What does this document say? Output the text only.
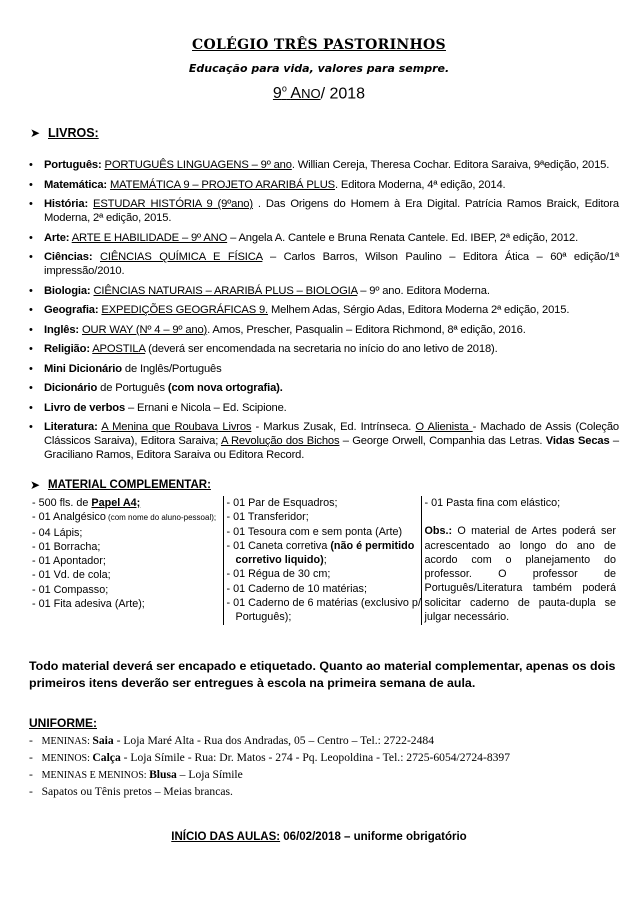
COLÉGIO TRÊS PASTORINHOS
Educação para vida, valores para sempre.
9$^o$ ANO/ 2018
➤ LIVROS:
• Português: PORTUGUÊS LINGUAGENS – 9º ano. Willian Cereja, Theresa Cochar. Editora Saraiva, 9ªedição, 2015.
• Matemática: MATEMÁTICA 9 – PROJETO ARARIBÁ PLUS. Editora Moderna, 4ª edição, 2014.
• História: ESTUDAR HISTÓRIA 9 (9ºano) . Das Origens do Homem à Era Digital. Patrícia Ramos Braick, Editora Moderna, 2ª edição, 2015.
• Arte: ARTE E HABILIDADE – 9º ANO – Angela A. Cantele e Bruna Renata Cantele. Ed. IBEP, 2ª edição, 2012.
• Ciências: CIÊNCIAS QUÍMICA E FÍSICA – Carlos Barros, Wilson Paulino – Editora Ática – 60ª edição/1ª impressão/2010.
• Biologia: CIÊNCIAS NATURAIS – ARARIBÁ PLUS – BIOLOGIA – 9º ano. Editora Moderna.
• Geografia: EXPEDIÇÕES GEOGRÁFICAS 9. Melhem Adas, Sérgio Adas, Editora Moderna 2ª edição, 2015.
• Inglês: OUR WAY (Nº 4 – 9º ano). Amos, Prescher, Pasqualin – Editora Richmond, 8ª edição, 2016.
• Religião: APOSTILA (deverá ser encomendada na secretaria no início do ano letivo de 2018).
• Mini Dicionário de Inglês/Português
• Dicionário de Português (com nova ortografia).
• Livro de verbos – Ernani e Nicola – Ed. Scipione.
• Literatura: A Menina que Roubava Livros - Markus Zusak, Ed. Intrínseca. O Alienista - Machado de Assis (Coleção Clássicos Saraiva), Editora Saraiva; A Revolução dos Bichos – George Orwell, Companhia das Letras. Vidas Secas – Graciliano Ramos, Editora Saraiva ou Editora Record.
➤ MATERIAL COMPLEMENTAR:
- 500 fls. de Papel A4;
- 01 Analgésico (com nome do aluno-pessoal);
- 04 Lápis;
- 01 Borracha;
- 01 Apontador;
- 01 Vd. de cola;
- 01 Compasso;
- 01 Fita adesiva (Arte);

- 01 Par de Esquadros;
- 01 Transferidor;
- 01 Tesoura com e sem ponta (Arte)
- 01 Caneta corretiva (não é permitido
corretivo liquido);
- 01 Régua de 30 cm;
- 01 Caderno de 10 matérias;
- 01 Caderno de 6 matérias (exclusivo p/
Português);

- 01 Pasta fina com elástico;
Obs.: O material de Artes poderá ser acrescentado ao longo do ano de acordo com o planejamento do professor. O professor de Português/Literatura também poderá solicitar caderno de pauta-dupla se julgar necessário.
Todo material deverá ser encapado e etiquetado. Quanto ao material complementar, apenas os dois primeiros itens deverão ser entregues à escola na primeira semana de aula.
UNIFORME:
-   MENINAS: Saia - Loja Maré Alta - Rua dos Andradas, 05 – Centro – Tel.: 2722-2484
-   MENINOS: Calça - Loja Símile - Rua: Dr. Matos - 274 - Pq. Leopoldina - Tel.: 2725-6054/2724-8397
-   MENINAS E MENINOS: Blusa – Loja Símile
-   Sapatos ou Tênis pretos – Meias brancas.
INÍCIO DAS AULAS: 06/02/2018 – uniforme obrigatório
